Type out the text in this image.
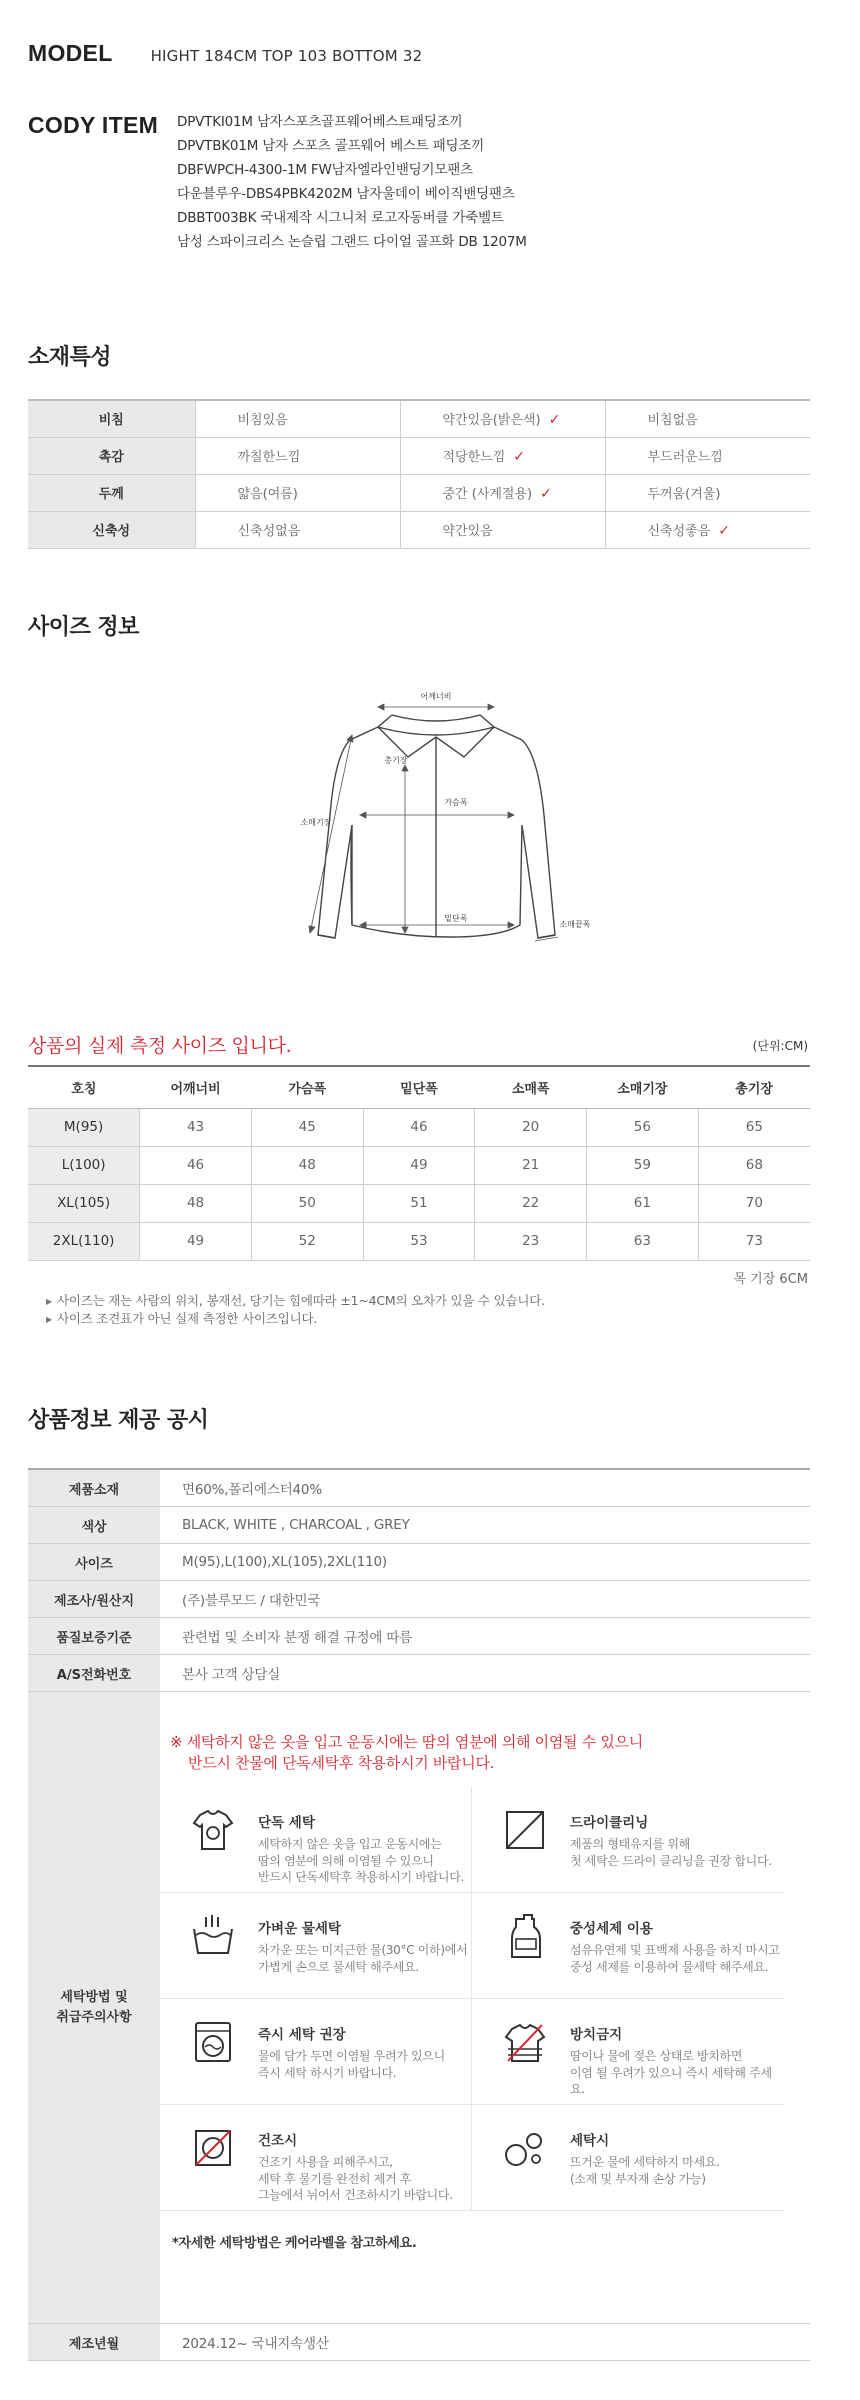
MODEL	HIGHT 184CM TOP 103 BOTTOM 32
CODY ITEM DPVTKI01M 남자스포츠골프웨어베스트패딩조끼
DPVTBK01M 남자 스포츠 골프웨어 베스트 패딩조끼
DBFWPCH-4300-1M FW남자엘라인밴딩기모팬츠
다운블루우-DBS4PBK4202M 남자울데이 베이직밴딩팬츠
DBBT003BK 국내제작 시그니처 로고자동버클 가죽벨트
남성 스파이크리스 논슬립 그랜드 다이얼 골프화 DB 1207M
소재특성
비침	비침있음	약간있음(밝은색) ✓	비침없음
촉감	까칠한느낌	적당한느낌 ✓	부드러운느낌
두께	얇음(여름)	중간 (사계절용) ✓	두꺼움(겨울)
신축성	신축성없음	약간있음	신축성좋음 ✓
사이즈 정보
어깨너비
총기장
가슴폭
소매기장
밑단폭
소매끝폭
상품의 실제 측정 사이즈 입니다.	(단위:CM)
호칭	어깨너비	가슴폭	밑단폭	소매폭	소매기장	총기장
M(95)	43	45	46	20	56	65
L(100)	46	48	49	21	59	68
XL(105)	48	50	51	22	61	70
2XL(110)	49	52	53	23	63	73
목 기장 6CM
▶ 사이즈는 재는 사람의 위치, 봉재선, 당기는 힘에따라 ±1~4CM의 오차가 있을 수 있습니다.
▶ 사이즈 조견표가 아닌 실제 측정한 사이즈입니다.
상품정보 제공 공시
제품소재	면60%,폴리에스터40%
색상	BLACK, WHITE , CHARCOAL , GREY
사이즈	M(95),L(100),XL(105),2XL(110)
제조사/원산지	(주)블루모드 / 대한민국
품질보증기준	관련법 및 소비자 분쟁 해결 규정에 따름
A/S전화번호	본사 고객 상담실
세탁방법 및
취급주의사항
※ 세탁하지 않은 옷을 입고 운동시에는 땀의 염분에 의해 이염될 수 있으니
반드시 찬물에 단독세탁후 착용하시기 바랍니다.
단독 세탁
세탁하지 않은 옷을 입고 운동시에는
땀의 염분에 의해 이염될 수 있으니
반드시 단독세탁후 착용하시기 바랍니다.
드라이클리닝
제품의 형태유지를 위해
첫 세탁은 드라이 클리닝을 권장 합니다.
가벼운 물세탁
차가운 또는 미지근한 물(30°C 이하)에서
가볍게 손으로 물세탁 해주세요.
중성세제 이용
섬유유연제 및 표백제 사용을 하지 마시고
중성 세제를 이용하여 물세탁 해주세요.
즉시 세탁 권장
물에 담가 두면 이염될 우려가 있으니
즉시 세탁 하시기 바랍니다.
방치금지
땀이나 물에 젖은 상태로 방치하면
이염 될 우려가 있으니 즉시 세탁해 주세요.
건조시
건조기 사용을 피해주시고,
세탁 후 물기를 완전히 제거 후
그늘에서 뉘어서 건조하시기 바랍니다.
세탁시
뜨거운 물에 세탁하지 마세요.
(소재 및 부자재 손상 가능)
*자세한 세탁방법은 케어라벨을 참고하세요.
제조년월	2024.12~ 국내지속생산
